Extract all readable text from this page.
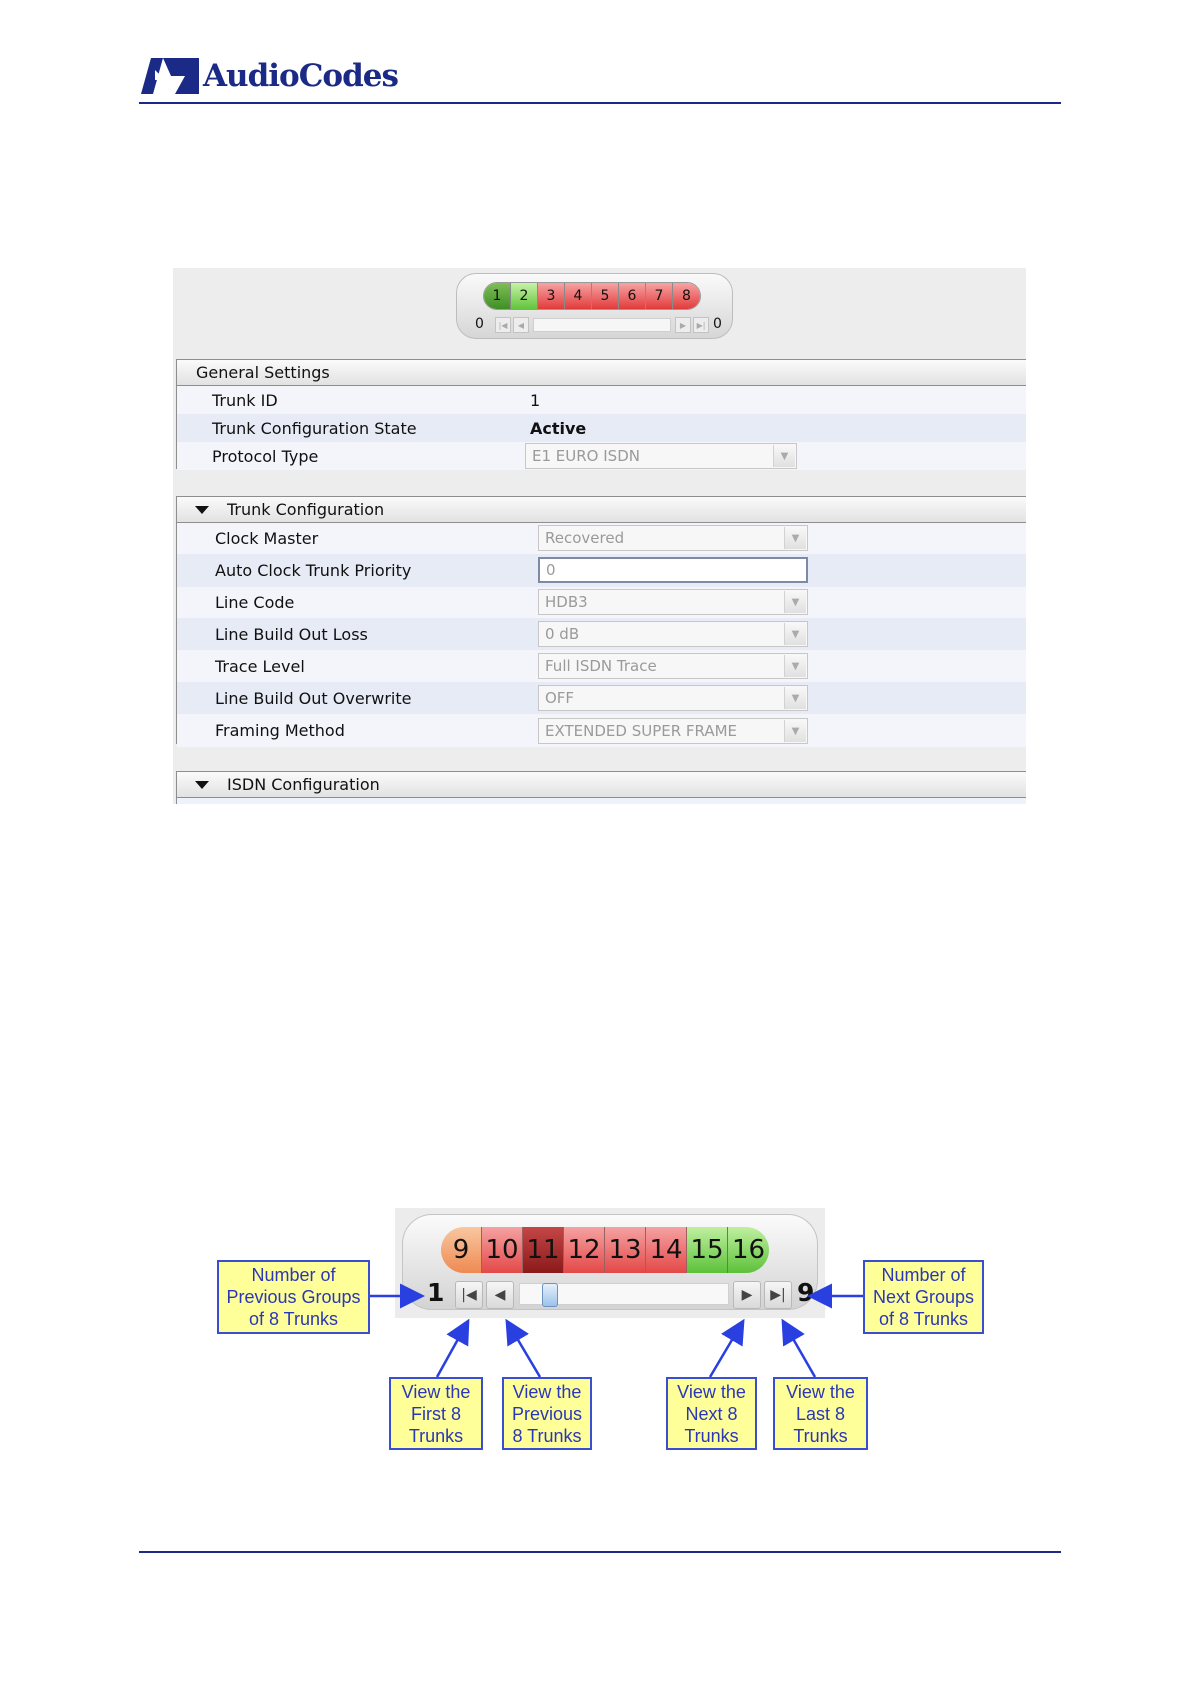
AudioCodes
1	2	3	4	5	6	7	8
0 |◀ ◀	▶ ▶| 0
General Settings
Trunk ID	1
Trunk Configuration State	Active
Protocol Type	E1 EURO ISDN	▼
Trunk Configuration
Clock Master	Recovered	▼
Auto Clock Trunk Priority	0
Line Code	HDB3	▼
Line Build Out Loss	0 dB	▼
Trace Level	Full ISDN Trace	▼
Line Build Out Overwrite	OFF	▼
Framing Method	EXTENDED SUPER FRAME	▼
ISDN Configuration
9 10 11 12 13 14 15 16
1 |◀ ◀	▶ ▶| 9
Number of
Previous Groups
of 8 Trunks
Number of
Next Groups
of 8 Trunks
View the
First 8
Trunks
View the
Previous
8 Trunks
View the
Next 8
Trunks
View the
Last 8
Trunks
